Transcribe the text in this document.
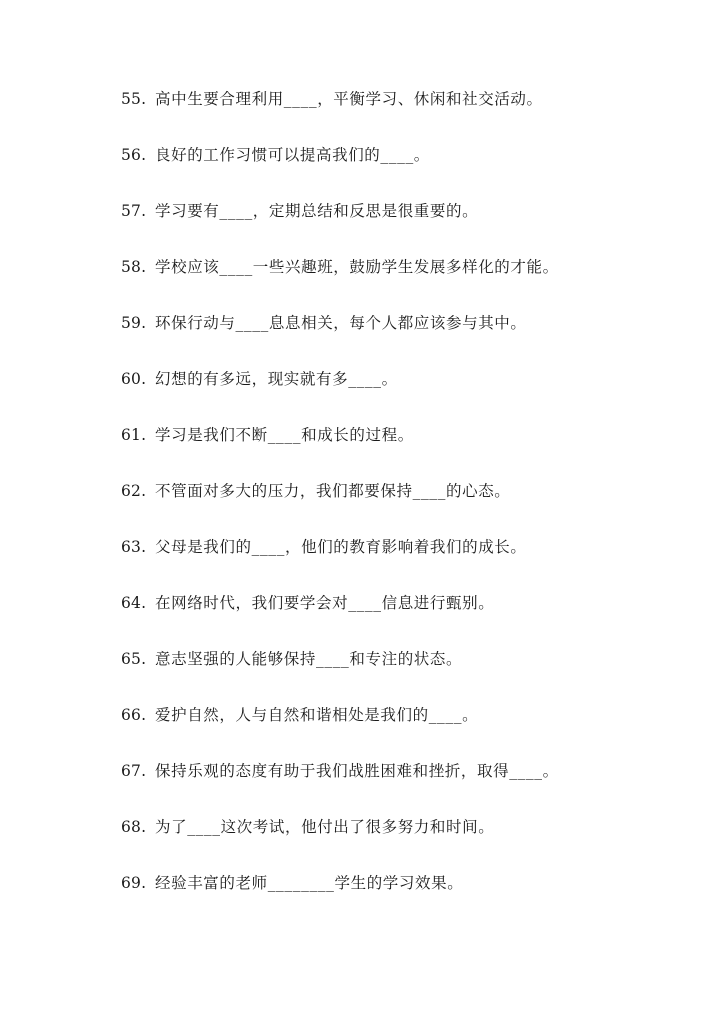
55. 高中生要合理利用____，平衡学习、休闲和社交活动。
56. 良好的工作习惯可以提高我们的____。
57. 学习要有____，定期总结和反思是很重要的。
58. 学校应该____一些兴趣班，鼓励学生发展多样化的才能。
59. 环保行动与____息息相关，每个人都应该参与其中。
60. 幻想的有多远，现实就有多____。
61. 学习是我们不断____和成长的过程。
62. 不管面对多大的压力，我们都要保持____的心态。
63. 父母是我们的____，他们的教育影响着我们的成长。
64. 在网络时代，我们要学会对____信息进行甄别。
65. 意志坚强的人能够保持____和专注的状态。
66. 爱护自然，人与自然和谐相处是我们的____。
67. 保持乐观的态度有助于我们战胜困难和挫折，取得____。
68. 为了____这次考试，他付出了很多努力和时间。
69. 经验丰富的老师________学生的学习效果。
